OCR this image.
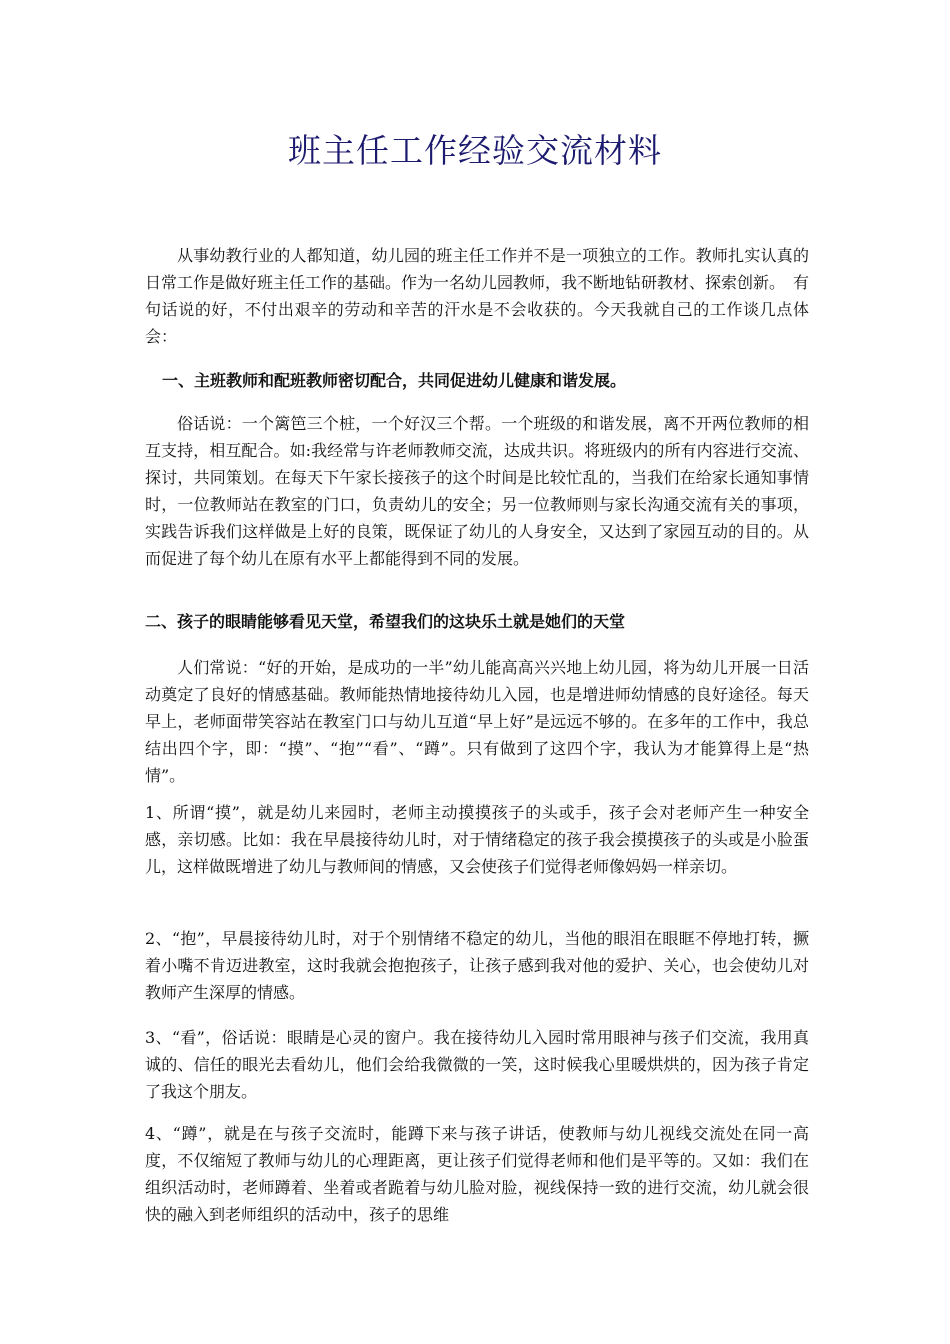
班主任工作经验交流材料

从事幼教行业的人都知道，幼儿园的班主任工作并不是一项独立的工作。教师扎实认真的日常工作是做好班主任工作的基础。作为一名幼儿园教师，我不断地钻研教材、探索创新。　有句话说的好，不付出艰辛的劳动和辛苦的汗水是不会收获的。今天我就自己的工作谈几点体会：

一、主班教师和配班教师密切配合，共同促进幼儿健康和谐发展。

俗话说：一个篱笆三个桩，一个好汉三个帮。一个班级的和谐发展，离不开两位教师的相互支持，相互配合。如:我经常与许老师教师交流，达成共识。将班级内的所有内容进行交流、探讨，共同策划。在每天下午家长接孩子的这个时间是比较忙乱的，当我们在给家长通知事情时，一位教师站在教室的门口，负责幼儿的安全；另一位教师则与家长沟通交流有关的事项，实践告诉我们这样做是上好的良策，既保证了幼儿的人身安全，又达到了家园互动的目的。从而促进了每个幼儿在原有水平上都能得到不同的发展。

二、孩子的眼睛能够看见天堂，希望我们的这块乐土就是她们的天堂

人们常说：“好的开始，是成功的一半”幼儿能高高兴兴地上幼儿园，将为幼儿开展一日活动奠定了良好的情感基础。教师能热情地接待幼儿入园，也是增进师幼情感的良好途径。每天早上，老师面带笑容站在教室门口与幼儿互道“早上好”是远远不够的。在多年的工作中，我总结出四个字，即：“摸”、“抱”“看”、“蹲”。只有做到了这四个字，我认为才能算得上是“热情”。

1、所谓“摸”，就是幼儿来园时，老师主动摸摸孩子的头或手，孩子会对老师产生一种安全感，亲切感。比如：我在早晨接待幼儿时，对于情绪稳定的孩子我会摸摸孩子的头或是小脸蛋儿，这样做既增进了幼儿与教师间的情感，又会使孩子们觉得老师像妈妈一样亲切。

2、“抱”，早晨接待幼儿时，对于个别情绪不稳定的幼儿，当他的眼泪在眼眶不停地打转，撅着小嘴不肯迈进教室，这时我就会抱抱孩子，让孩子感到我对他的爱护、关心，也会使幼儿对教师产生深厚的情感。

3、“看”，俗话说：眼睛是心灵的窗户。我在接待幼儿入园时常用眼神与孩子们交流，我用真诚的、信任的眼光去看幼儿，他们会给我微微的一笑，这时候我心里暖烘烘的，因为孩子肯定了我这个朋友。

4、“蹲”，就是在与孩子交流时，能蹲下来与孩子讲话，使教师与幼儿视线交流处在同一高度，不仅缩短了教师与幼儿的心理距离，更让孩子们觉得老师和他们是平等的。又如：我们在组织活动时，老师蹲着、坐着或者跪着与幼儿脸对脸，视线保持一致的进行交流，幼儿就会很快的融入到老师组织的活动中，孩子的思维
